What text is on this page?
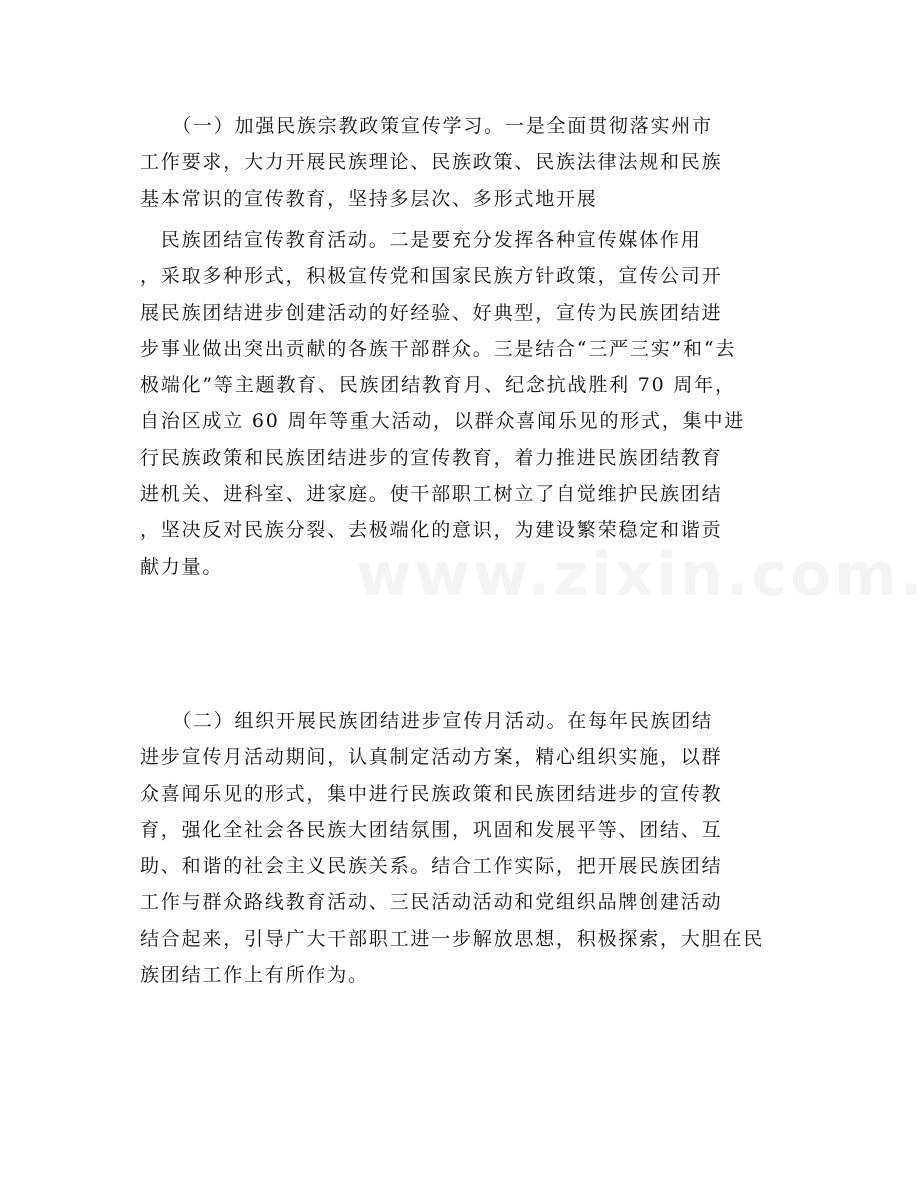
　　（一）加强民族宗教政策宣传学习。一是全面贯彻落实州市
工作要求，大力开展民族理论、民族政策、民族法律法规和民族
基本常识的宣传教育，坚持多层次、多形式地开展
　民族团结宣传教育活动。二是要充分发挥各种宣传媒体作用
，采取多种形式，积极宣传党和国家民族方针政策，宣传公司开
展民族团结进步创建活动的好经验、好典型，宣传为民族团结进
步事业做出突出贡献的各族干部群众。三是结合“三严三实”和“去
极端化”等主题教育、民族团结教育月、纪念抗战胜利 70 周年，
自治区成立 60 周年等重大活动，以群众喜闻乐见的形式，集中进
行民族政策和民族团结进步的宣传教育，着力推进民族团结教育
进机关、进科室、进家庭。使干部职工树立了自觉维护民族团结
，坚决反对民族分裂、去极端化的意识，为建设繁荣稳定和谐贡
献力量。
　　（二）组织开展民族团结进步宣传月活动。在每年民族团结
进步宣传月活动期间，认真制定活动方案，精心组织实施，以群
众喜闻乐见的形式，集中进行民族政策和民族团结进步的宣传教
育，强化全社会各民族大团结氛围，巩固和发展平等、团结、互
助、和谐的社会主义民族关系。结合工作实际，把开展民族团结
工作与群众路线教育活动、三民活动活动和党组织品牌创建活动
结合起来，引导广大干部职工进一步解放思想，积极探索，大胆在民
族团结工作上有所作为。
